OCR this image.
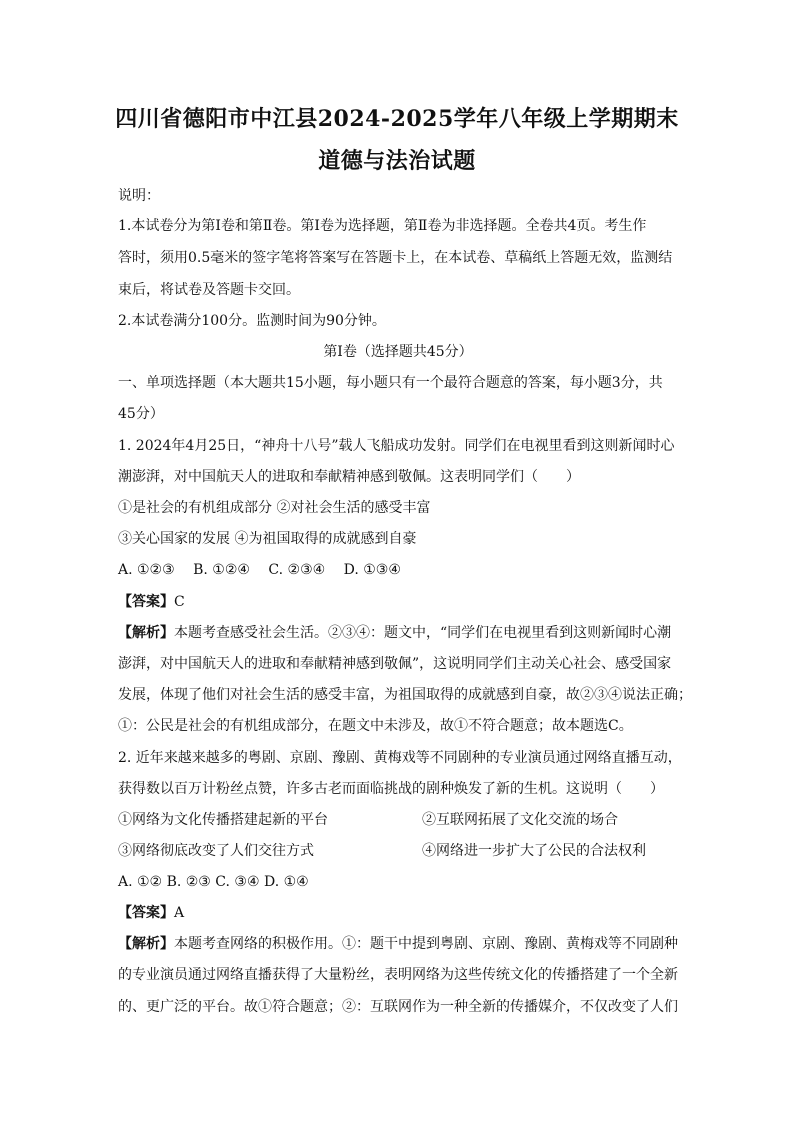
四川省德阳市中江县2024-2025学年八年级上学期期末
道德与法治试题

说明：

1.本试卷分为第Ⅰ卷和第Ⅱ卷。第Ⅰ卷为选择题，第Ⅱ卷为非选择题。全卷共4页。考生作

答时，须用0.5毫米的签字笔将答案写在答题卡上，在本试卷、草稿纸上答题无效，监测结

束后，将试卷及答题卡交回。

2.本试卷满分100分。监测时间为90分钟。

第Ⅰ卷（选择题共45分）

一、单项选择题（本大题共15小题，每小题只有一个最符合题意的答案，每小题3分，共

45分）

1. 2024年4月25日，“神舟十八号”载人飞船成功发射。同学们在电视里看到这则新闻时心

潮澎湃，对中国航天人的进取和奉献精神感到敬佩。这表明同学们（　　）

①是社会的有机组成部分 ②对社会生活的感受丰富

③关心国家的发展 ④为祖国取得的成就感到自豪

A. ①②③　 B. ①②④　 C. ②③④　 D. ①③④

【答案】C

【解析】本题考查感受社会生活。②③④：题文中，“同学们在电视里看到这则新闻时心潮

澎湃，对中国航天人的进取和奉献精神感到敬佩”，这说明同学们主动关心社会、感受国家

发展，体现了他们对社会生活的感受丰富，为祖国取得的成就感到自豪，故②③④说法正确；

①：公民是社会的有机组成部分，在题文中未涉及，故①不符合题意；故本题选C。

2. 近年来越来越多的粤剧、京剧、豫剧、黄梅戏等不同剧种的专业演员通过网络直播互动，

获得数以百万计粉丝点赞，许多古老而面临挑战的剧种焕发了新的生机。这说明（　　）

①网络为文化传播搭建起新的平台	②互联网拓展了文化交流的场合
③网络彻底改变了人们交往方式	④网络进一步扩大了公民的合法权利

A. ①② B. ②③ C. ③④ D. ①④

【答案】A

【解析】本题考查网络的积极作用。①：题干中提到粤剧、京剧、豫剧、黄梅戏等不同剧种

的专业演员通过网络直播获得了大量粉丝，表明网络为这些传统文化的传播搭建了一个全新

的、更广泛的平台。故①符合题意；②：互联网作为一种全新的传播媒介，不仅改变了人们
